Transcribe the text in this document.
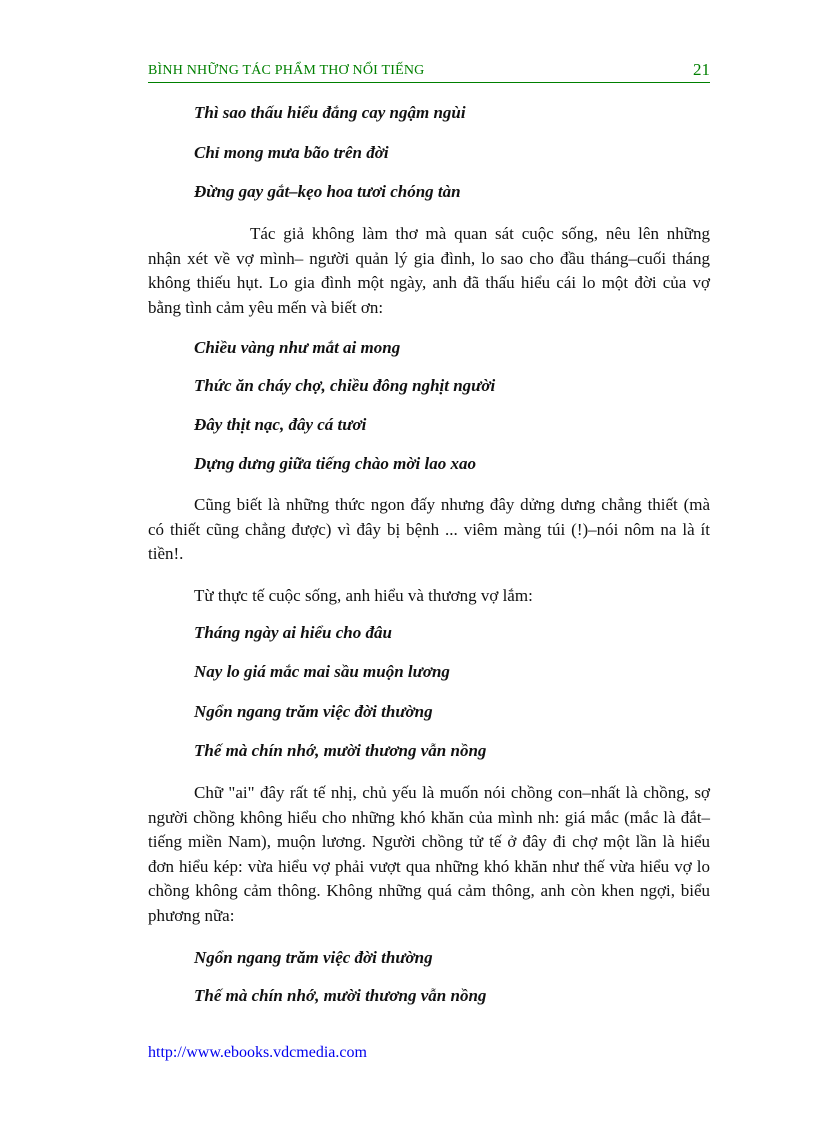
BÌNH NHỮNG TÁC PHẨM THƠ NỔI TIẾNG	21
Thì sao thấu hiểu đắng cay ngậm ngùi
Chỉ mong mưa bão trên đời
Đừng gay gắt–kẹo hoa tươi chóng tàn
Tác giả không làm thơ mà quan sát cuộc sống, nêu lên những
nhận xét về vợ mình– người quản lý gia đình, lo sao cho đầu tháng–cuối tháng
không thiếu hụt. Lo gia đình một ngày, anh đã thấu hiểu cái lo một đời của vợ
bằng tình cảm yêu mến và biết ơn:
Chiều vàng như mắt ai mong
Thức ăn cháy chợ, chiều đông nghịt người
Đây thịt nạc, đây cá tươi
Dựng dưng giữa tiếng chào mời lao xao
Cũng biết là những thức ngon đấy nhưng đây dửng dưng chẳng thiết (mà
có thiết cũng chẳng được) vì đây bị bệnh ... viêm màng túi (!)–nói nôm na là ít
tiền!.
Từ thực tế cuộc sống, anh hiểu và thương vợ lắm:
Tháng ngày ai hiểu cho đâu
Nay lo giá mắc mai sầu muộn lương
Ngổn ngang trăm việc đời thường
Thế mà chín nhớ, mười thương vẫn nồng
Chữ "ai" đây rất tế nhị, chủ yếu là muốn nói chồng con–nhất là chồng, sợ
người chồng không hiểu cho những khó khăn của mình nh: giá mắc (mắc là đắt–
tiếng miền Nam), muộn lương. Người chồng tử tế ở đây đi chợ một lần là hiểu
đơn hiểu kép: vừa hiểu vợ phải vượt qua những khó khăn như thế vừa hiểu vợ lo
chồng không cảm thông. Không những quá cảm thông, anh còn khen ngợi, biểu
phương nữa:
Ngổn ngang trăm việc đời thường
Thế mà chín nhớ, mười thương vẫn nồng
http://www.ebooks.vdcmedia.com
